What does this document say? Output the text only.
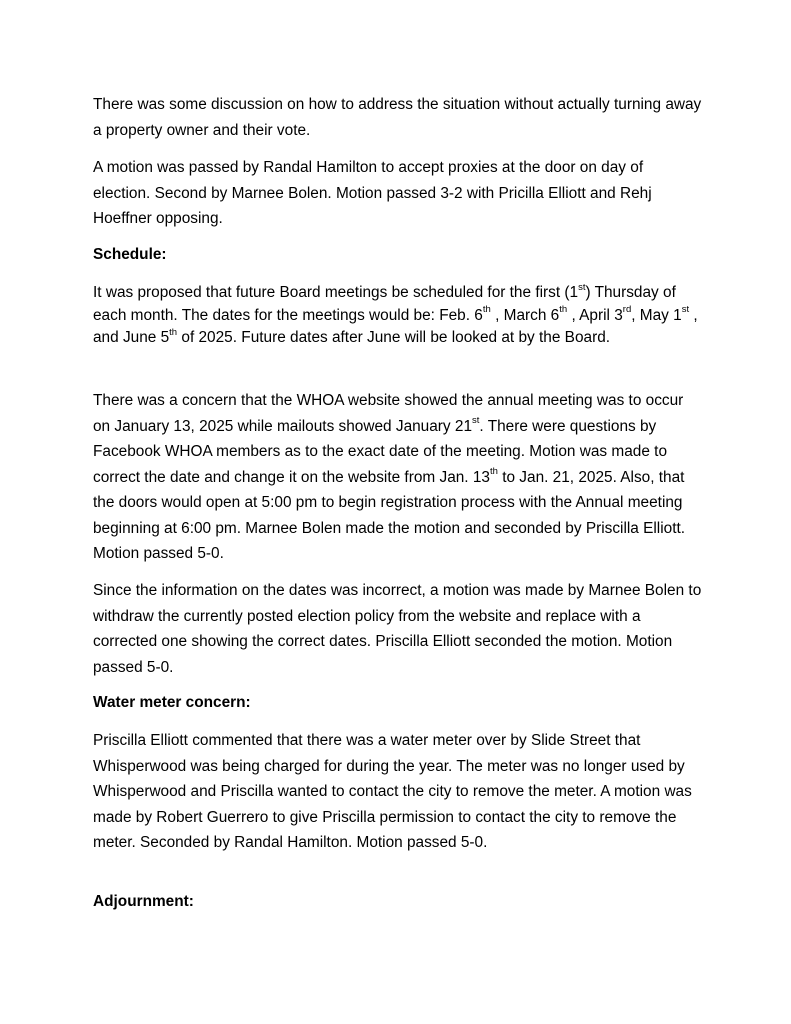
There was some discussion on how to address the situation without actually turning away a property owner and their vote.

A motion was passed by Randal Hamilton to accept proxies at the door on day of election. Second by Marnee Bolen. Motion passed 3-2 with Pricilla Elliott and Rehj Hoeffner opposing.

Schedule:

It was proposed that future Board meetings be scheduled for the first (1st) Thursday of each month. The dates for the meetings would be: Feb. 6th , March 6th , April 3rd, May 1st , and June 5th of 2025. Future dates after June will be looked at by the Board.

There was a concern that the WHOA website showed the annual meeting was to occur on January 13, 2025 while mailouts showed January 21st. There were questions by Facebook WHOA members as to the exact date of the meeting. Motion was made to correct the date and change it on the website from Jan. 13th to Jan. 21, 2025. Also, that the doors would open at 5:00 pm to begin registration process with the Annual meeting beginning at 6:00 pm. Marnee Bolen made the motion and seconded by Priscilla Elliott. Motion passed 5-0.

Since the information on the dates was incorrect, a motion was made by Marnee Bolen to withdraw the currently posted election policy from the website and replace with a corrected one showing the correct dates. Priscilla Elliott seconded the motion. Motion passed 5-0.

Water meter concern:

Priscilla Elliott commented that there was a water meter over by Slide Street that Whisperwood was being charged for during the year. The meter was no longer used by Whisperwood and Priscilla wanted to contact the city to remove the meter. A motion was made by Robert Guerrero to give Priscilla permission to contact the city to remove the meter. Seconded by Randal Hamilton. Motion passed 5-0.

Adjournment:
